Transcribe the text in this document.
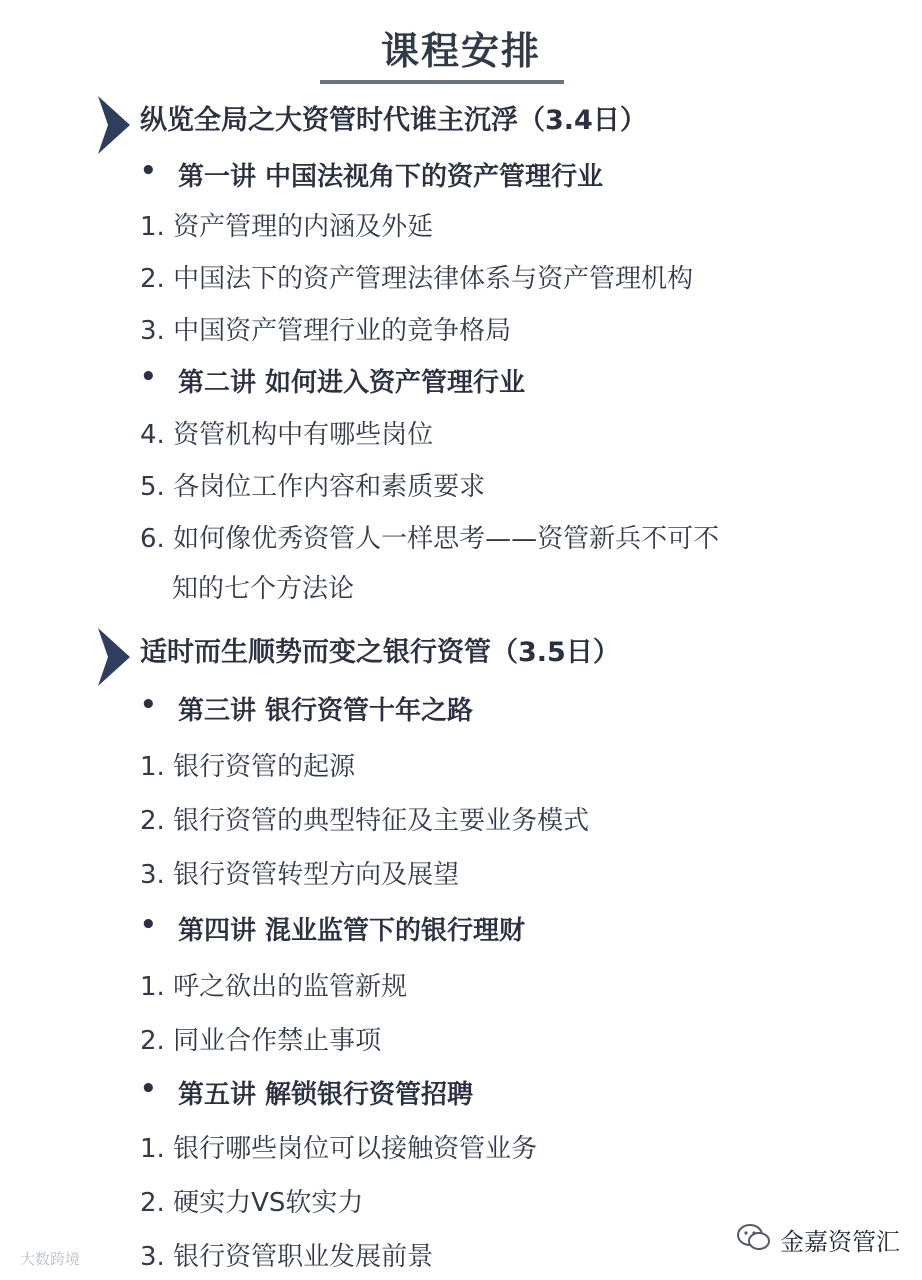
课程安排
纵览全局之大资管时代谁主沉浮（3.4日）
• 第一讲 中国法视角下的资产管理行业
1. 资产管理的内涵及外延
2. 中国法下的资产管理法律体系与资产管理机构
3. 中国资产管理行业的竞争格局
• 第二讲 如何进入资产管理行业
4. 资管机构中有哪些岗位
5. 各岗位工作内容和素质要求
6. 如何像优秀资管人一样思考——资管新兵不可不
知的七个方法论
适时而生顺势而变之银行资管（3.5日）
• 第三讲 银行资管十年之路
1. 银行资管的起源
2. 银行资管的典型特征及主要业务模式
3. 银行资管转型方向及展望
• 第四讲 混业监管下的银行理财
1. 呼之欲出的监管新规
2. 同业合作禁止事项
• 第五讲 解锁银行资管招聘
1. 银行哪些岗位可以接触资管业务
2. 硬实力VS软实力
3. 银行资管职业发展前景
大数跨境
金嘉资管汇
